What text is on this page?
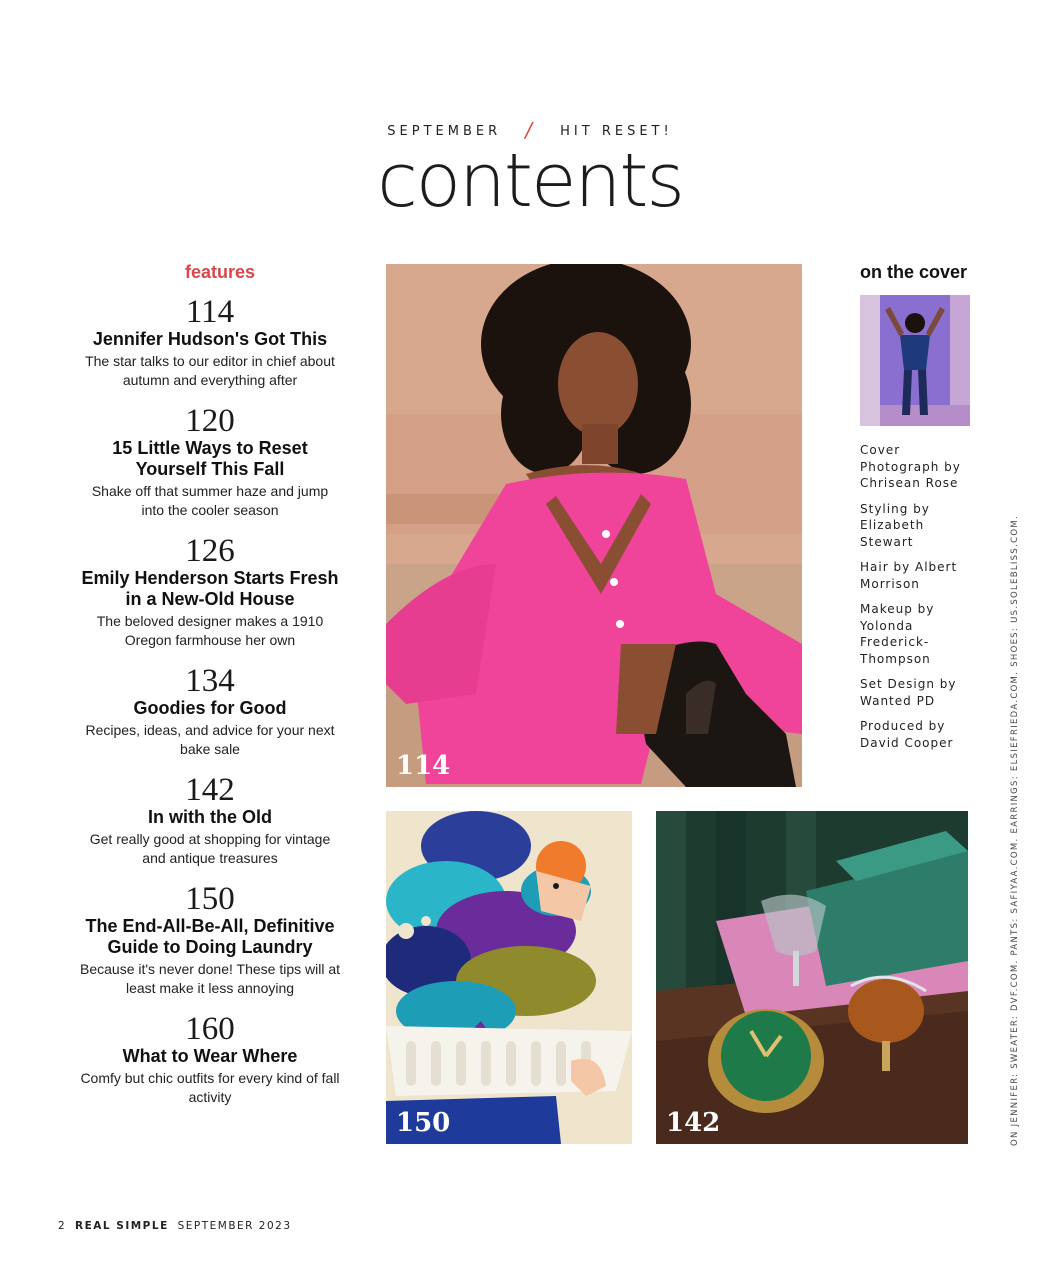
SEPTEMBER / HIT RESET!
contents
features
114
Jennifer Hudson's Got This
The star talks to our editor in chief about autumn and everything after
120
15 Little Ways to Reset Yourself This Fall
Shake off that summer haze and jump into the cooler season
126
Emily Henderson Starts Fresh in a New-Old House
The beloved designer makes a 1910 Oregon farmhouse her own
134
Goodies for Good
Recipes, ideas, and advice for your next bake sale
142
In with the Old
Get really good at shopping for vintage and antique treasures
150
The End-All-Be-All, Definitive Guide to Doing Laundry
Because it's never done! These tips will at least make it less annoying
160
What to Wear Where
Comfy but chic outfits for every kind of fall activity
114
150	142
on the cover
Cover
Photograph by
Chrisean Rose
Styling by
Elizabeth
Stewart
Hair by Albert
Morrison
Makeup by
Yolonda
Frederick-
Thompson
Set Design by
Wanted PD
Produced by
David Cooper	ON JENNIFER: SWEATER: DVF.COM. PANTS: SAFIYAA.COM. EARRINGS: ELSIEFRIEDA.COM. SHOES: US.SOLEBLISS.COM.
2 REAL SIMPLE SEPTEMBER 2023
